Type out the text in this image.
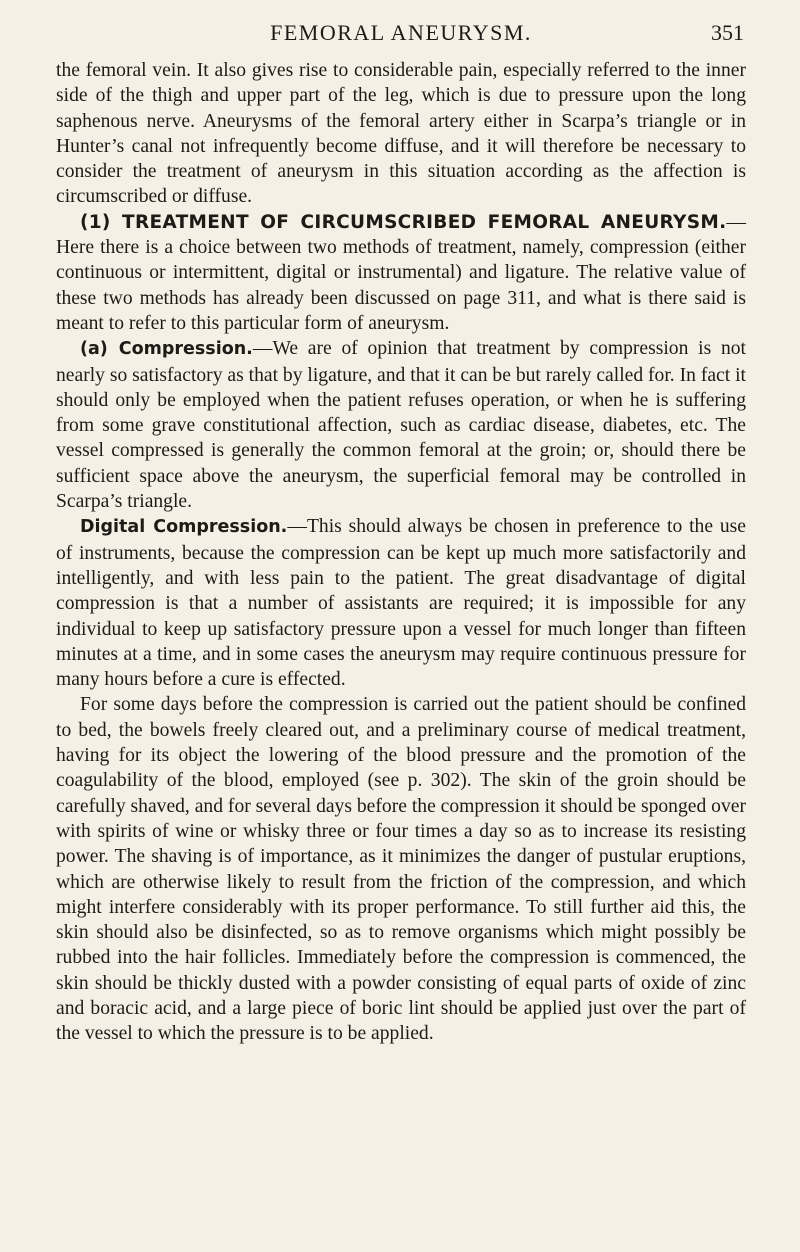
FEMORAL ANEURYSM.	351

the femoral vein. It also gives rise to considerable pain, especially referred to the inner side of the thigh and upper part of the leg, which is due to pressure upon the long saphenous nerve. Aneurysms of the femoral artery either in Scarpa’s triangle or in Hunter’s canal not infrequently become diffuse, and it will therefore be necessary to consider the treatment of aneurysm in this situation according as the affection is circumscribed or diffuse.

(1) TREATMENT OF CIRCUMSCRIBED FEMORAL ANEURYSM.—Here there is a choice between two methods of treatment, namely, compression (either continuous or intermittent, digital or instrumental) and ligature. The relative value of these two methods has already been discussed on page 311, and what is there said is meant to refer to this particular form of aneurysm.

(a) Compression.—We are of opinion that treatment by compression is not nearly so satisfactory as that by ligature, and that it can be but rarely called for. In fact it should only be employed when the patient refuses operation, or when he is suffering from some grave constitutional affection, such as cardiac disease, diabetes, etc. The vessel compressed is generally the common femoral at the groin; or, should there be sufficient space above the aneurysm, the superficial femoral may be controlled in Scarpa’s triangle.

Digital Compression.—This should always be chosen in preference to the use of instruments, because the compression can be kept up much more satisfactorily and intelligently, and with less pain to the patient. The great disadvantage of digital compression is that a number of assistants are required; it is impossible for any individual to keep up satisfactory pressure upon a vessel for much longer than fifteen minutes at a time, and in some cases the aneurysm may require continuous pressure for many hours before a cure is effected.

For some days before the compression is carried out the patient should be confined to bed, the bowels freely cleared out, and a preliminary course of medical treatment, having for its object the lowering of the blood pressure and the promotion of the coagulability of the blood, employed (see p. 302). The skin of the groin should be carefully shaved, and for several days before the compression it should be sponged over with spirits of wine or whisky three or four times a day so as to increase its resisting power. The shaving is of importance, as it minimizes the danger of pustular eruptions, which are otherwise likely to result from the friction of the compression, and which might interfere considerably with its proper performance. To still further aid this, the skin should also be disinfected, so as to remove organisms which might possibly be rubbed into the hair follicles. Immediately before the compression is commenced, the skin should be thickly dusted with a powder consisting of equal parts of oxide of zinc and boracic acid, and a large piece of boric lint should be applied just over the part of the vessel to which the pressure is to be applied.
